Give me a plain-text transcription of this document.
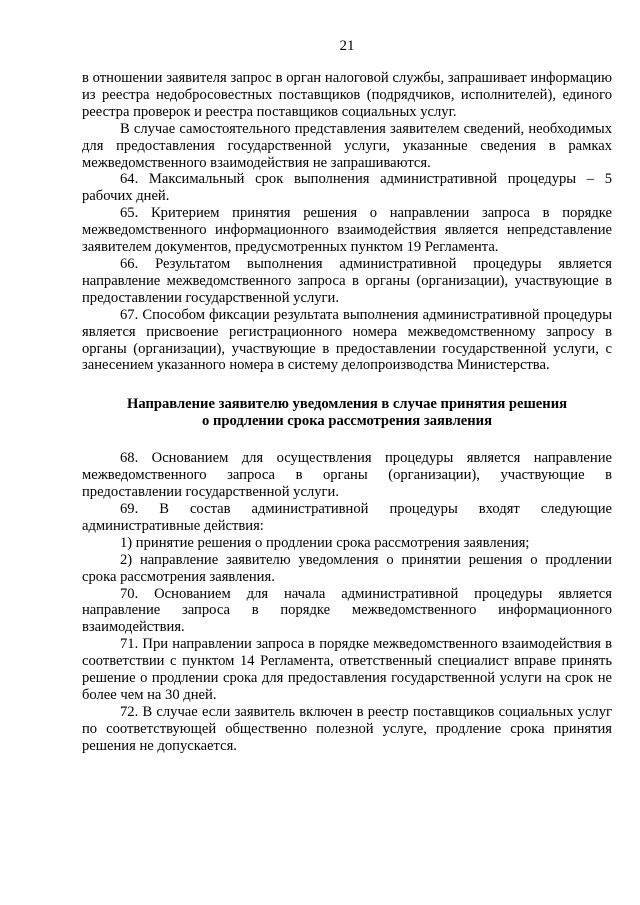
21

в отношении заявителя запрос в орган налоговой службы, запрашивает информацию из реестра недобросовестных поставщиков (подрядчиков, исполнителей), единого реестра проверок и реестра поставщиков социальных услуг.

В случае самостоятельного представления заявителем сведений, необходимых для предоставления государственной услуги, указанные сведения в рамках межведомственного взаимодействия не запрашиваются.

64. Максимальный срок выполнения административной процедуры – 5 рабочих дней.

65. Критерием принятия решения о направлении запроса в порядке межведомственного информационного взаимодействия является непредставление заявителем документов, предусмотренных пунктом 19 Регламента.

66. Результатом выполнения административной процедуры является направление межведомственного запроса в органы (организации), участвующие в предоставлении государственной услуги.

67. Способом фиксации результата выполнения административной процедуры является присвоение регистрационного номера межведомственному запросу в органы (организации), участвующие в предоставлении государственной услуги, с занесением указанного номера в систему делопроизводства Министерства.

Направление заявителю уведомления в случае принятия решения
о продлении срока рассмотрения заявления

68. Основанием для осуществления процедуры является направление межведомственного запроса в органы (организации), участвующие в предоставлении государственной услуги.

69. В состав административной процедуры входят следующие административные действия:

1) принятие решения о продлении срока рассмотрения заявления;

2) направление заявителю уведомления о принятии решения о продлении срока рассмотрения заявления.

70. Основанием для начала административной процедуры является направление запроса в порядке межведомственного информационного взаимодействия.

71. При направлении запроса в порядке межведомственного взаимодействия в соответствии с пунктом 14 Регламента, ответственный специалист вправе принять решение о продлении срока для предоставления государственной услуги на срок не более чем на 30 дней.

72. В случае если заявитель включен в реестр поставщиков социальных услуг по соответствующей общественно полезной услуге, продление срока принятия решения не допускается.
